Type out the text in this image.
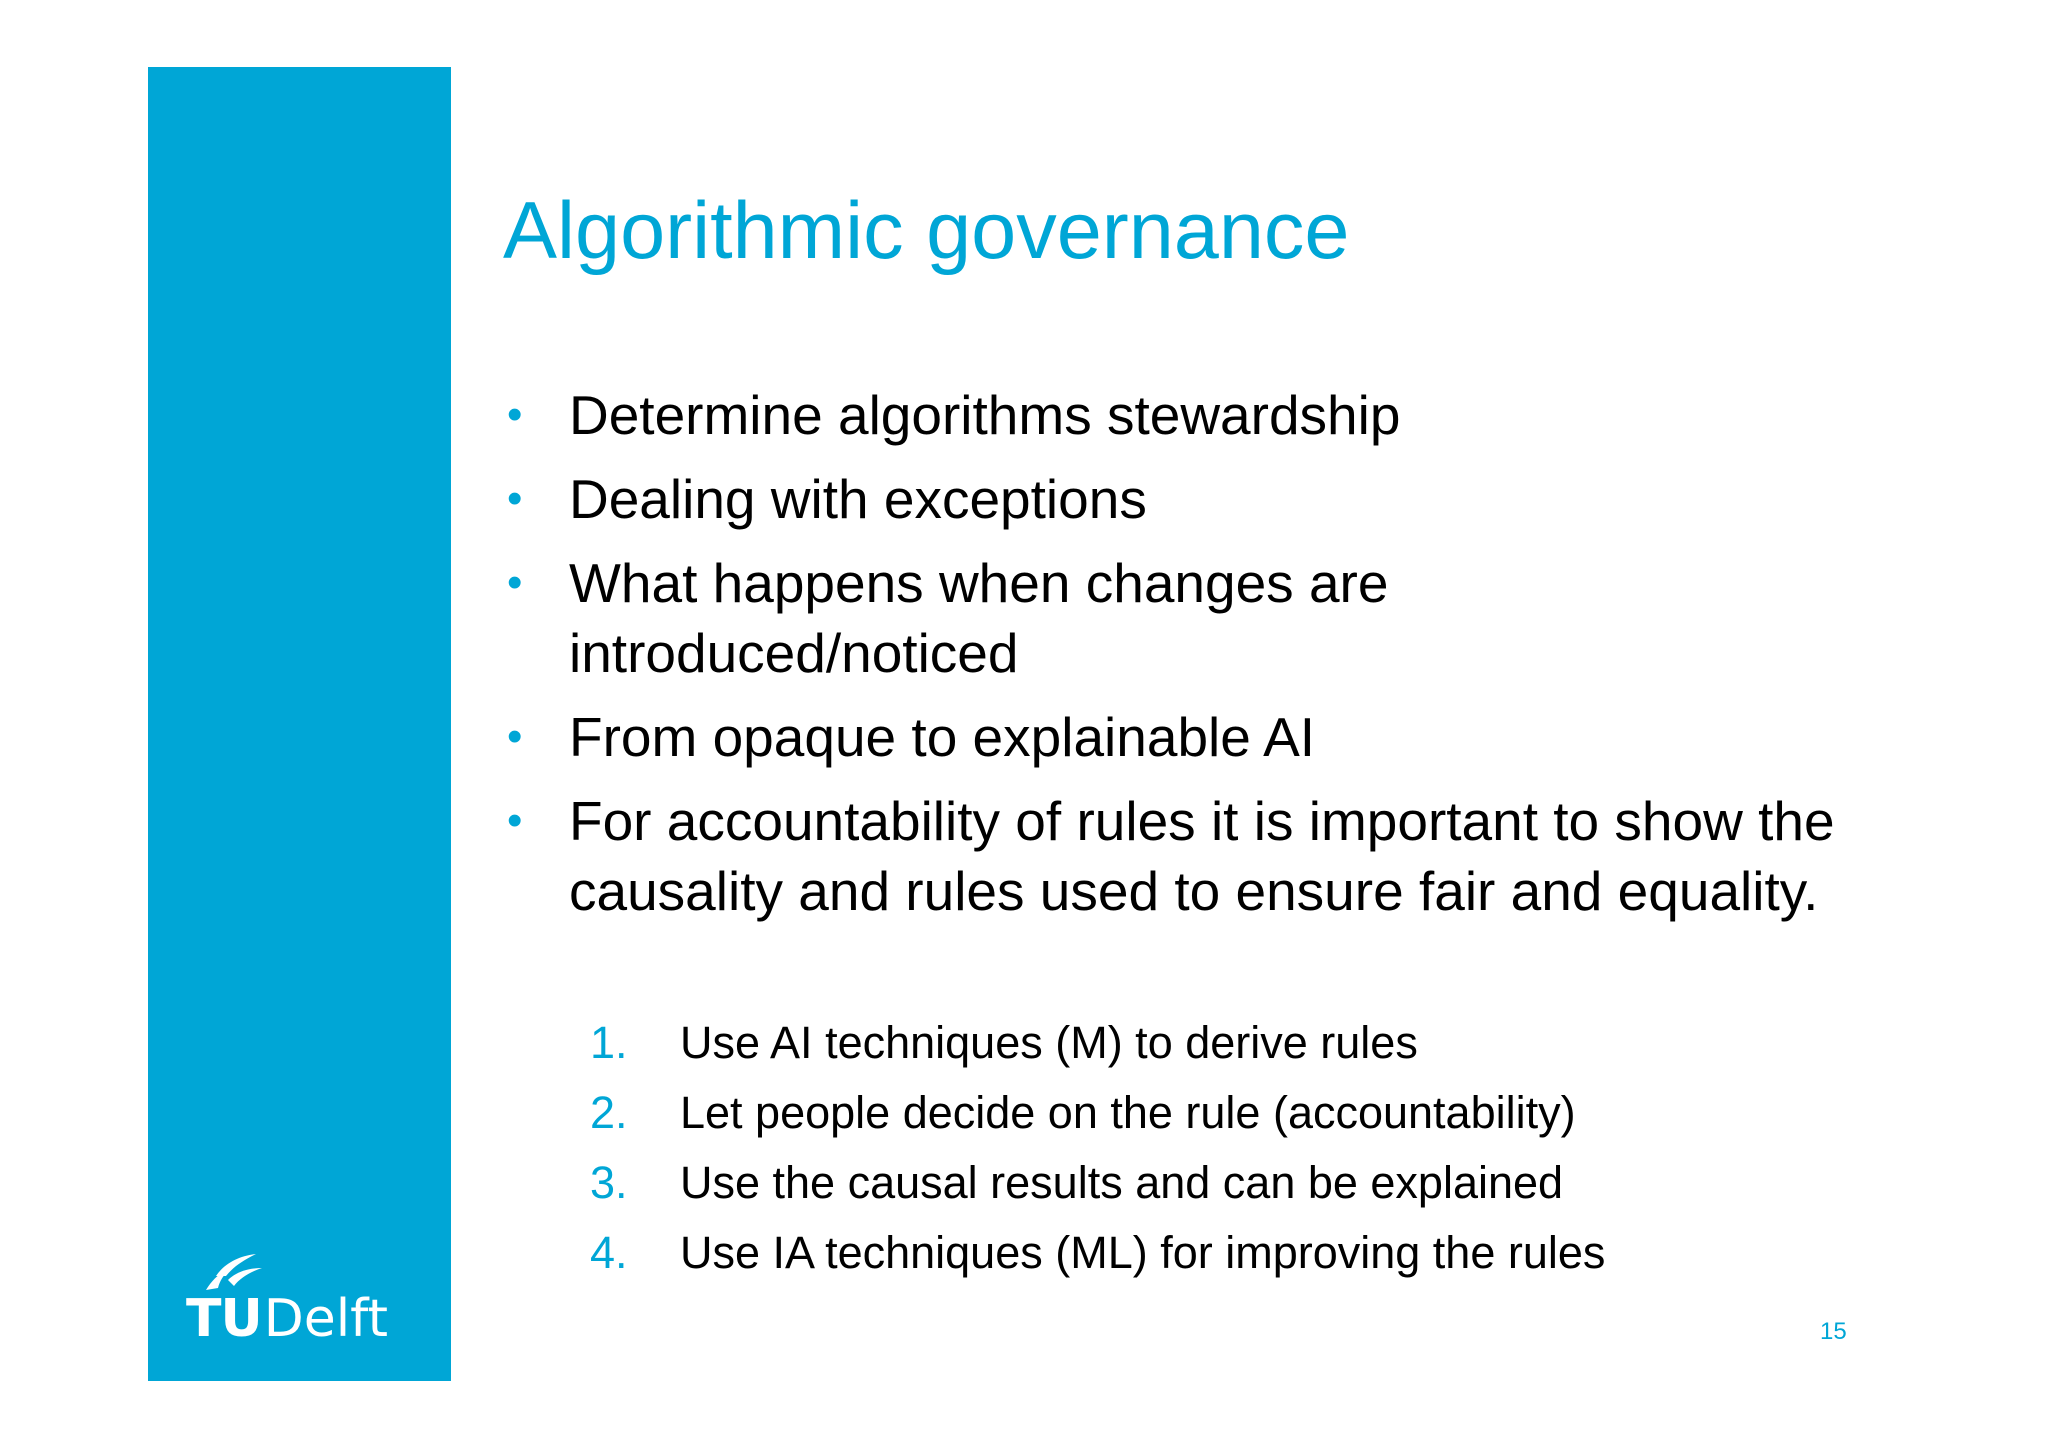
TUDelft
Algorithmic governance
• Determine algorithms stewardship
• Dealing with exceptions
• What happens when changes are introduced/noticed
• From opaque to explainable AI
• For accountability of rules it is important to show the causality and rules used to ensure fair and equality.
1. Use AI techniques (M) to derive rules
2. Let people decide on the rule (accountability)
3. Use the causal results and can be explained
4. Use IA techniques (ML) for improving the rules
15
